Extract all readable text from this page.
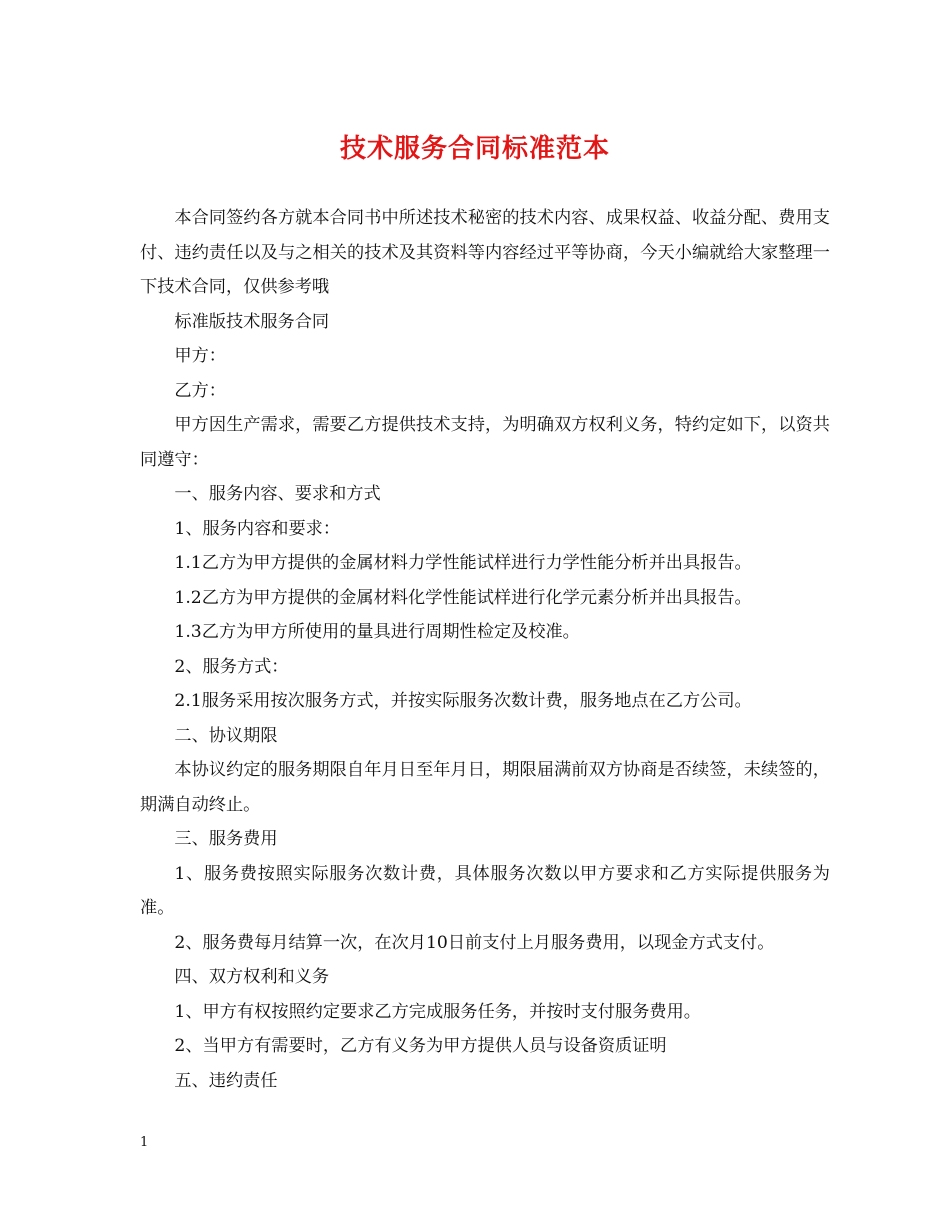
技术服务合同标准范本

本合同签约各方就本合同书中所述技术秘密的技术内容、成果权益、收益分配、费用支付、违约责任以及与之相关的技术及其资料等内容经过平等协商，今天小编就给大家整理一下技术合同，仅供参考哦

标准版技术服务合同

甲方：

乙方：

甲方因生产需求，需要乙方提供技术支持，为明确双方权利义务，特约定如下，以资共同遵守：

一、服务内容、要求和方式

1、服务内容和要求：

1.1乙方为甲方提供的金属材料力学性能试样进行力学性能分析并出具报告。

1.2乙方为甲方提供的金属材料化学性能试样进行化学元素分析并出具报告。

1.3乙方为甲方所使用的量具进行周期性检定及校准。

2、服务方式：

2.1服务采用按次服务方式，并按实际服务次数计费，服务地点在乙方公司。

二、协议期限

本协议约定的服务期限自年月日至年月日，期限届满前双方协商是否续签，未续签的，期满自动终止。

三、服务费用

1、服务费按照实际服务次数计费，具体服务次数以甲方要求和乙方实际提供服务为准。

2、服务费每月结算一次，在次月10日前支付上月服务费用，以现金方式支付。

四、双方权利和义务

1、甲方有权按照约定要求乙方完成服务任务，并按时支付服务费用。

2、当甲方有需要时，乙方有义务为甲方提供人员与设备资质证明

五、违约责任

1
